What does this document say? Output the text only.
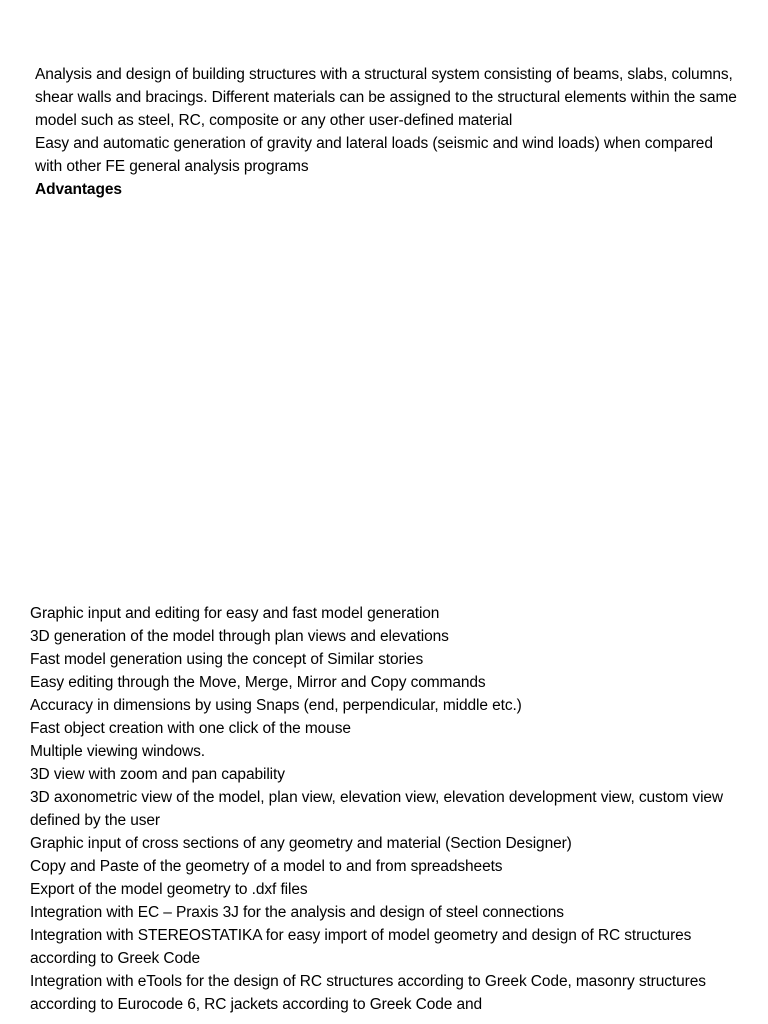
Analysis and design of building structures with a structural system consisting of beams, slabs, columns, shear walls and bracings. Different materials can be assigned to the structural elements within the same model such as steel, RC, composite or any other user-defined material

Easy and automatic generation of gravity and lateral loads (seismic and wind loads) when compared with other FE general analysis programs

Advantages

Graphic input and editing for easy and fast model generation

3D generation of the model through plan views and elevations

Fast model generation using the concept of Similar stories

Easy editing through the Move, Merge, Mirror and Copy commands

Accuracy in dimensions by using Snaps (end, perpendicular, middle etc.)

Fast object creation with one click of the mouse

Multiple viewing windows.

3D view with zoom and pan capability

3D axonometric view of the model, plan view, elevation view, elevation development view, custom view defined by the user

Graphic input of cross sections of any geometry and material (Section Designer)

Copy and Paste of the geometry of a model to and from spreadsheets

Export of the model geometry to .dxf files

Integration with EC – Praxis 3J for the analysis and design of steel connections

Integration with STEREOSTATIKA for easy import of model geometry and design of RC structures according to Greek Code

Integration with eTools for the design of RC structures according to Greek Code, masonry structures according to Eurocode 6, RC jackets according to Greek Code and
